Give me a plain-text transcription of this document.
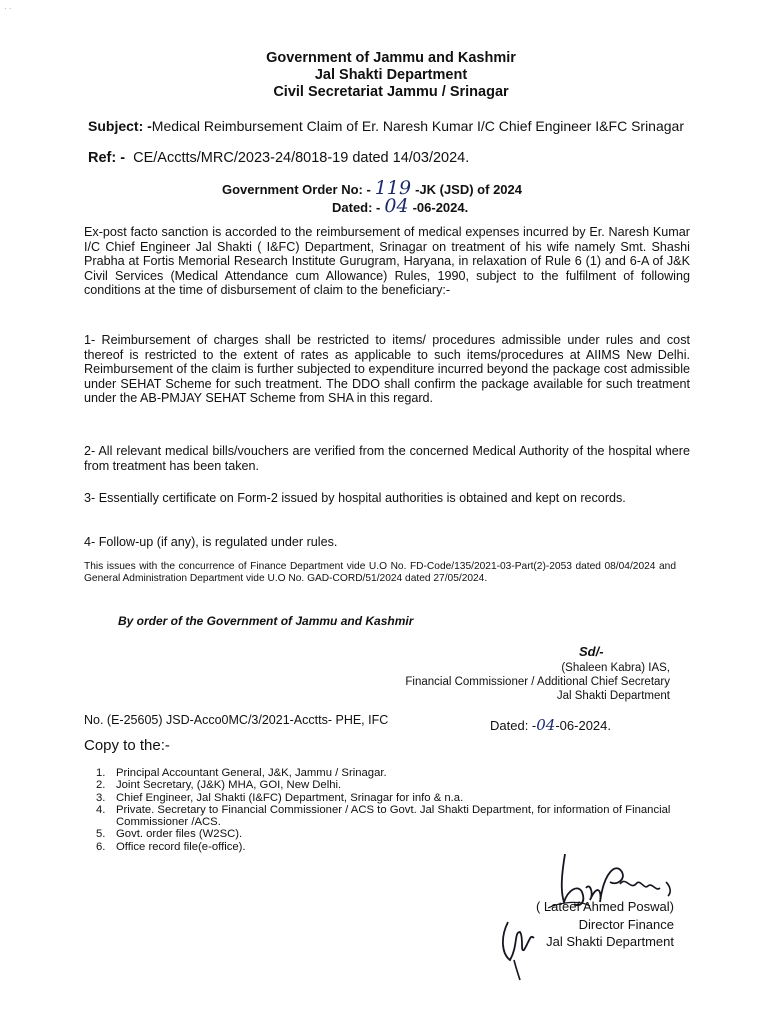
· ·
Government of Jammu and Kashmir
Jal Shakti Department
Civil Secretariat Jammu / Srinagar
Subject: -Medical Reimbursement Claim of Er. Naresh Kumar I/C Chief Engineer I&FC Srinagar
Ref: - CE/Acctts/MRC/2023-24/8018-19 dated 14/03/2024.
Government Order No: - 119 -JK (JSD) of 2024
Dated: - 04 -06-2024.
Ex-post facto sanction is accorded to the reimbursement of medical expenses incurred by Er. Naresh Kumar I/C Chief Engineer Jal Shakti ( I&FC) Department, Srinagar on treatment of his wife namely Smt. Shashi Prabha at Fortis Memorial Research Institute Gurugram, Haryana, in relaxation of Rule 6 (1) and 6-A of J&K Civil Services (Medical Attendance cum Allowance) Rules, 1990, subject to the fulfilment of following conditions at the time of disbursement of claim to the beneficiary:-
1- Reimbursement of charges shall be restricted to items/ procedures admissible under rules and cost thereof is restricted to the extent of rates as applicable to such items/procedures at AIIMS New Delhi. Reimbursement of the claim is further subjected to expenditure incurred beyond the package cost admissible under SEHAT Scheme for such treatment. The DDO shall confirm the package available for such treatment under the AB-PMJAY SEHAT Scheme from SHA in this regard.
2- All relevant medical bills/vouchers are verified from the concerned Medical Authority of the hospital where from treatment has been taken.
3- Essentially certificate on Form-2 issued by hospital authorities is obtained and kept on records.
4- Follow-up (if any), is regulated under rules.
This issues with the concurrence of Finance Department vide U.O No. FD-Code/135/2021-03-Part(2)-2053 dated 08/04/2024 and General Administration Department vide U.O No. GAD-CORD/51/2024 dated 27/05/2024.
By order of the Government of Jammu and Kashmir
Sd/-
(Shaleen Kabra) IAS,
Financial Commissioner / Additional Chief Secretary
Jal Shakti Department
No. (E-25605) JSD-Acco0MC/3/2021-Acctts- PHE, IFC	Dated: -04-06-2024.
Copy to the:-
1. Principal Accountant General, J&K, Jammu / Srinagar.
2. Joint Secretary, (J&K) MHA, GOI, New Delhi.
3. Chief Engineer, Jal Shakti (I&FC) Department, Srinagar for info & n.a.
4. Private. Secretary to Financial Commissioner / ACS to Govt. Jal Shakti Department, for information of Financial Commissioner /ACS.
5. Govt. order files (W2SC).
6. Office record file(e-office).
( Lateef Ahmed Poswal)
Director Finance
Jal Shakti Department
